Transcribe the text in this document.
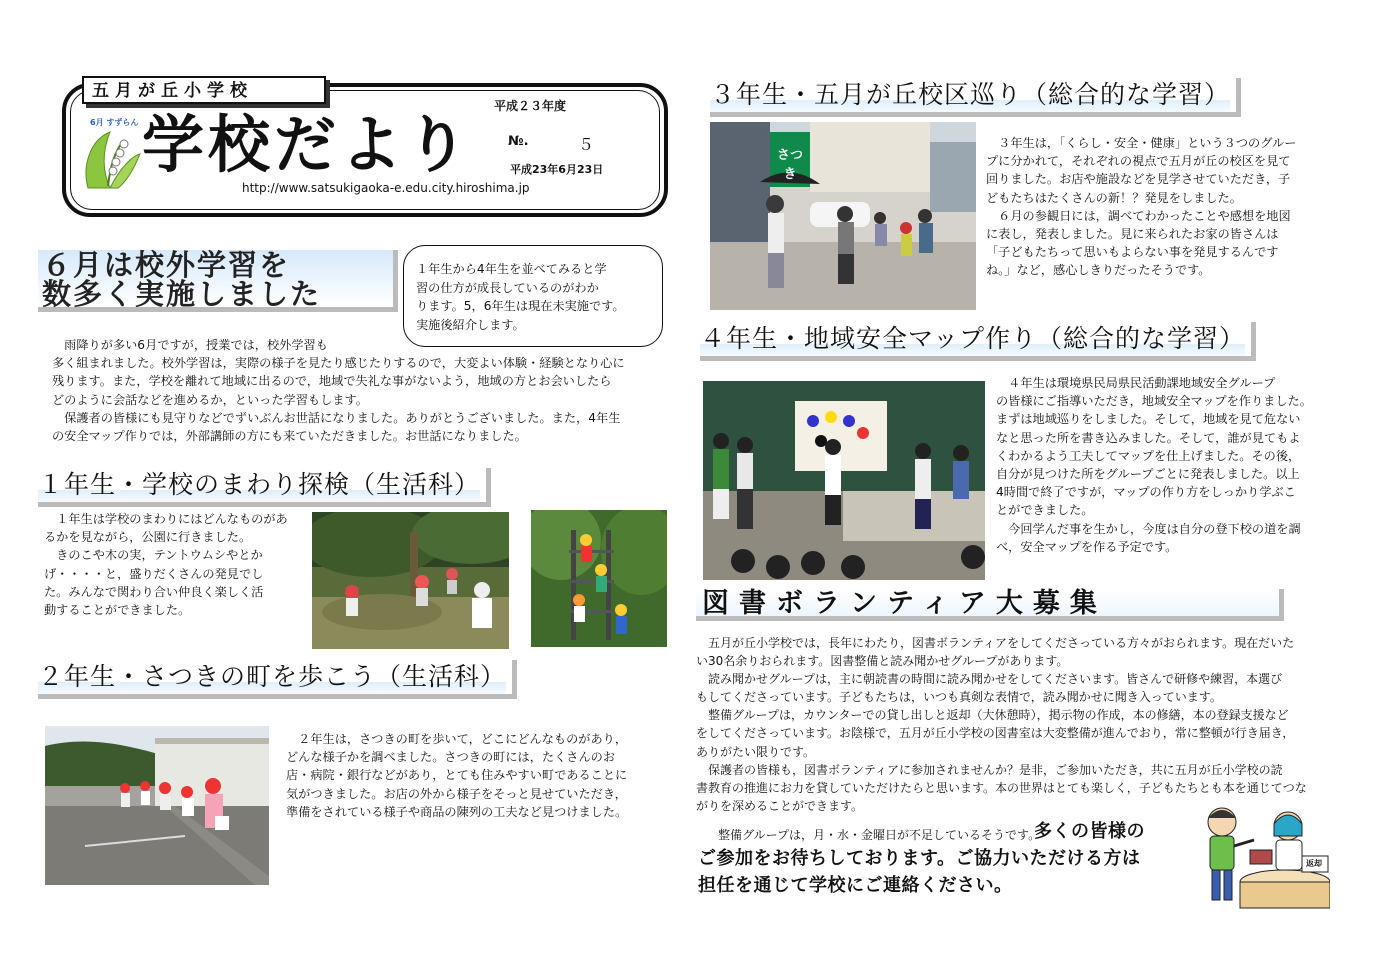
五月が丘小学校
平成２３年度
6月 すずらん 学校だより	№.	５
平成23年6月23日
http://www.satsukigaoka-e.edu.city.hiroshima.jp
６月は校外学習を
数多く実施しました
１年生から4年生を並べてみると学
習の仕方が成長しているのがわか
ります。5，6年生は現在未実施です。
実施後紹介します。
　雨降りが多い6月ですが，授業では，校外学習も
多く組まれました。校外学習は，実際の様子を見たり感じたりするので，大変よい体験・経験となり心に
残ります。また，学校を離れて地域に出るので，地域で失礼な事がないよう，地域の方とお会いしたら
どのように会話などを進めるか，といった学習もします。
　保護者の皆様にも見守りなどでずいぶんお世話になりました。ありがとうございました。また，4年生
の安全マップ作りでは，外部講師の方にも来ていただきました。お世話になりました。
１年生・学校のまわり探検（生活科）
　１年生は学校のまわりにはどんなものがあ
るかを見ながら，公園に行きました。
　きのこや木の実，テントウムシやとか
げ・・・・と，盛りだくさんの発見でし
た。みんなで関わり合い仲良く楽しく活
動することができました。
２年生・さつきの町を歩こう（生活科）
　２年生は，さつきの町を歩いて，どこにどんなものがあり，
どんな様子かを調べました。さつきの町には，たくさんのお
店・病院・銀行などがあり，とても住みやすい町であることに
気がつきました。お店の外から様子をそっと見せていただき，
準備をされている様子や商品の陳列の工夫など見つけました。
３年生・五月が丘校区巡り（総合的な学習）
さつき
　３年生は，「くらし・安全・健康」という３つのグルー
プに分かれて，それぞれの視点で五月が丘の校区を見て
回りました。お店や施設などを見学させていただき，子
どもたちはたくさんの新！？発見をしました。
　６月の参観日には，調べてわかったことや感想を地図
に表し，発表しました。見に来られたお家の皆さんは
「子どもたちって思いもよらない事を発見するんです
ね。」など，感心しきりだったそうです。
４年生・地域安全マップ作り（総合的な学習）
　４年生は環境県民局県民活動課地域安全グループ
の皆様にご指導いただき，地域安全マップを作りました。
まずは地域巡りをしました。そして，地域を見て危ない
なと思った所を書き込みました。そして，誰が見てもよ
くわかるよう工夫してマップを仕上げました。その後，
自分が見つけた所をグループごとに発表しました。以上
4時間で終了ですが，マップの作り方をしっかり学ぶこ
とができました。
　今回学んだ事を生かし，今度は自分の登下校の道を調
べ，安全マップを作る予定です。
図書ボランティア大募集
　五月が丘小学校では，長年にわたり，図書ボランティアをしてくださっている方々がおられます。現在だいた
い30名余りおられます。図書整備と読み聞かせグループがあります。
　読み聞かせグループは，主に朝読書の時間に読み聞かせをしてくださいます。皆さんで研修や練習，本選び
もしてくださっています。子どもたちは，いつも真剣な表情で，読み聞かせに聞き入っています。
　整備グループは，カウンターでの貸し出しと返却（大休憩時），掲示物の作成，本の修繕，本の登録支援など
をしてくださっています。お陰様で，五月が丘小学校の図書室は大変整備が進んでおり，常に整頓が行き届き，
ありがたい限りです。
　保護者の皆様も，図書ボランティアに参加されませんか？是非，ご参加いただき，共に五月が丘小学校の読
書教育の推進にお力を貸していただけたらと思います。本の世界はとても楽しく，子どもたちとも本を通じてつな
がりを深めることができます。
　整備グループは，月・水・金曜日が不足しているそうです。
多くの皆様の
ご参加をお待ちしております。ご協力いただける方は
担任を通じて学校にご連絡ください。
返却
